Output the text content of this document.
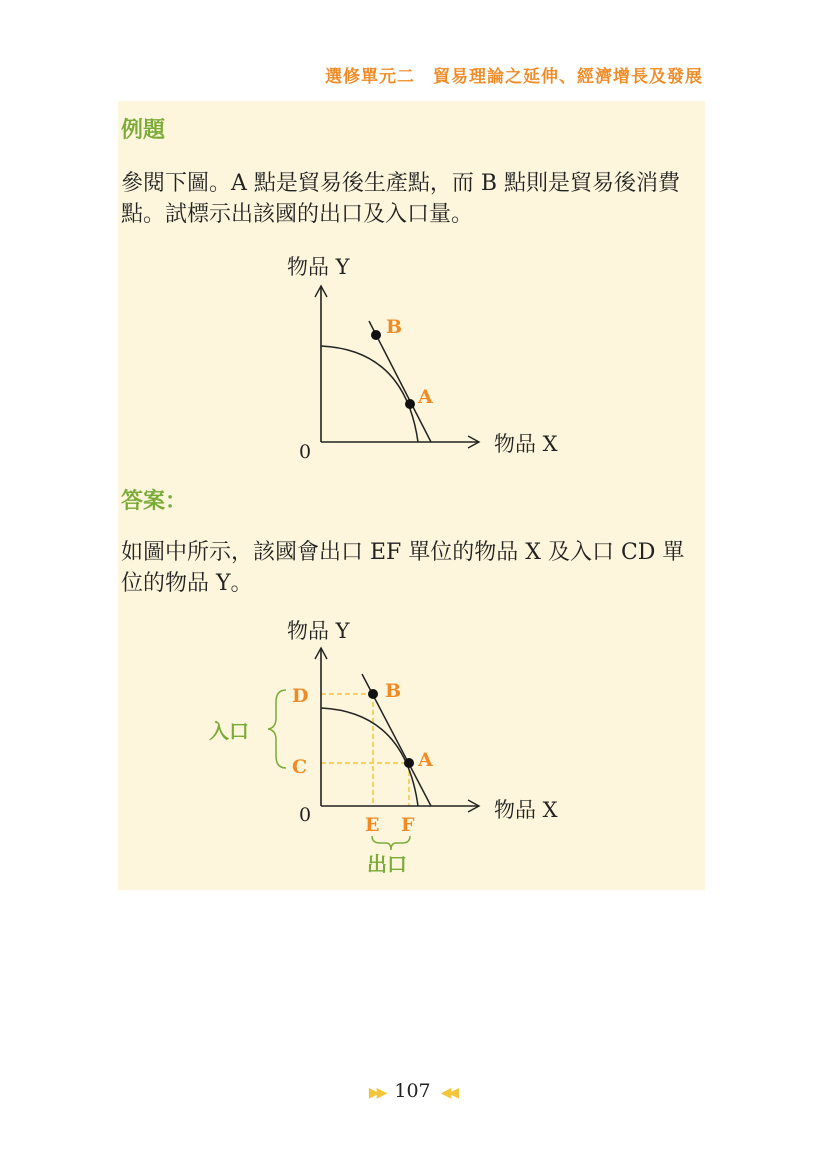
選修單元二　貿易理論之延伸、經濟增長及發展
例題
參閱下圖。A 點是貿易後生產點，而 B 點則是貿易後消費點。試標示出該國的出口及入口量。
物品 Y
物品 X
0
B
A
答案：
如圖中所示，該國會出口 EF 單位的物品 X 及入口 CD 單位的物品 Y。
物品 Y
物品 X
0
B
A
D
C
E F
入口
出口
▶▶ 107 ◀◀
